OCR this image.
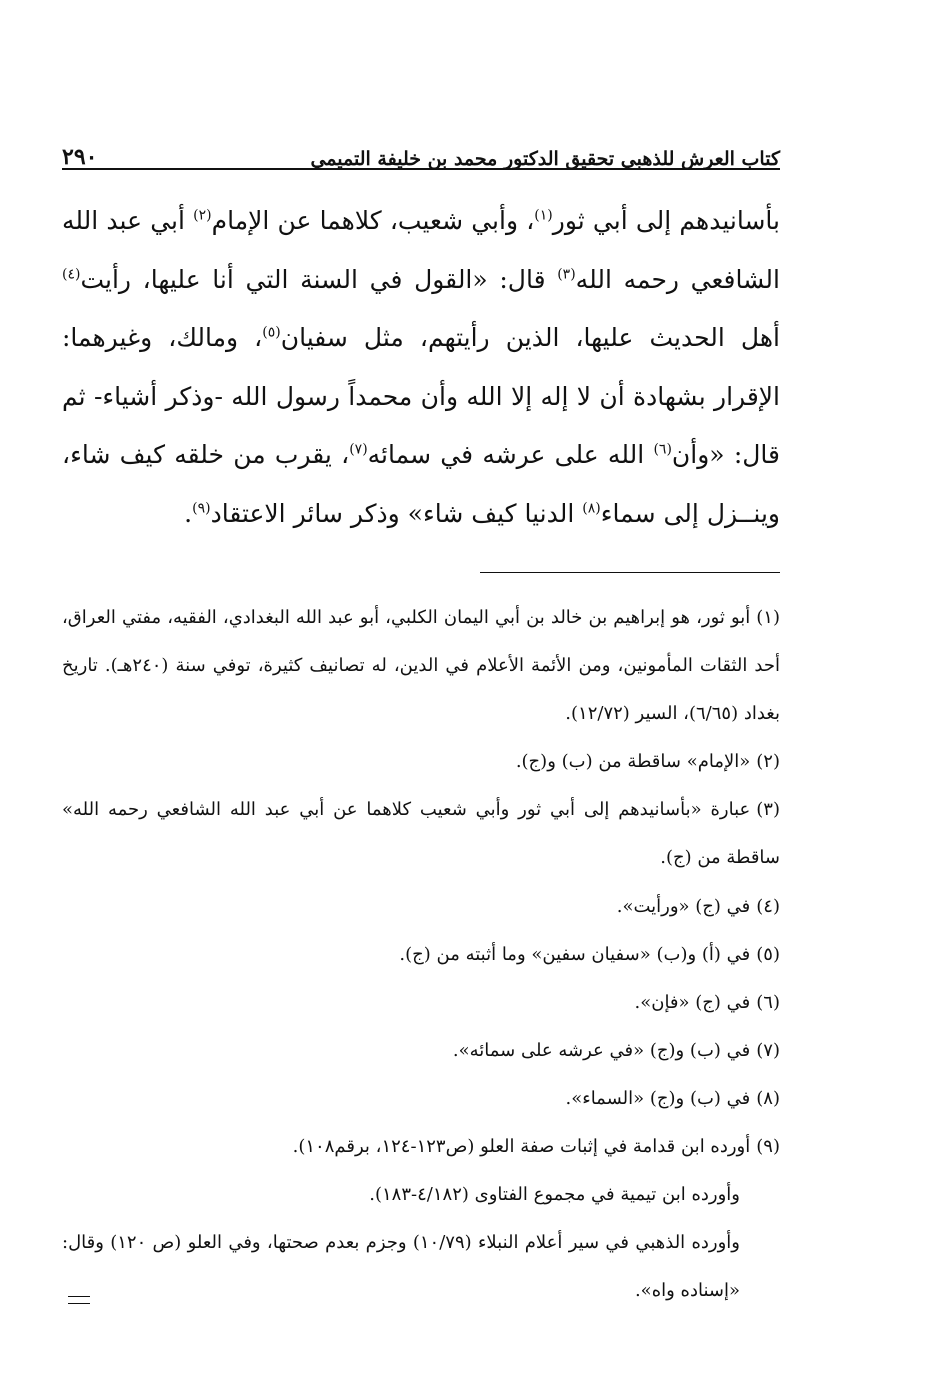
كتاب العرش للذهبي تحقيق الدكتور محمد بن خليفة التميمي
٢٩٠

بأسانيدهم إلى أبي ثور$^{(١)}$، وأبي شعيب، كلاهما عن الإمام$^{(٢)}$ أبي عبد الله الشافعي رحمه الله$^{(٣)}$ قال: «القول في السنة التي أنا عليها، رأيت$^{(٤)}$ أهل الحديث عليها، الذين رأيتهم، مثل سفيان$^{(٥)}$، ومالك، وغيرهما: الإقرار بشهادة أن لا إله إلا الله وأن محمداً رسول الله -وذكر أشياء- ثم قال: «وأن$^{(٦)}$ الله على عرشه في سمائه$^{(٧)}$، يقرب من خلقه كيف شاء، وينــزل إلى سماء$^{(٨)}$ الدنيا كيف شاء» وذكر سائر الاعتقاد$^{(٩)}$.

(١)أبو ثور، هو إبراهيم بن خالد بن أبي اليمان الكلبي، أبو عبد الله البغدادي، الفقيه، مفتي العراق، أحد الثقات المأمونين، ومن الأئمة الأعلام في الدين، له تصانيف كثيرة، توفي سنة (٢٤٠هـ). تاريخ بغداد (٦/٦٥)، السير (١٢/٧٢).

(٢)«الإمام» ساقطة من (ب) و(ج).

(٣)عبارة «بأسانيدهم إلى أبي ثور وأبي شعيب كلاهما عن أبي عبد الله الشافعي رحمه الله» ساقطة من (ج).

(٤)في (ج) «ورأيت».

(٥)في (أ) و(ب) «سفيان سفين» وما أثبته من (ج).

(٦)في (ج) «فإن».

(٧)في (ب) و(ج) «في عرشه على سمائه».

(٨)في (ب) و(ج) «السماء».

(٩)أورده ابن قدامة في إثبات صفة العلو (ص١٢٣-١٢٤، برقم١٠٨).

وأورده ابن تيمية في مجموع الفتاوى (٤/١٨٢-١٨٣).

وأورده الذهبي في سير أعلام النبلاء (١٠/٧٩) وجزم بعدم صحتها، وفي العلو (ص ١٢٠) وقال: «إسناده واه».
